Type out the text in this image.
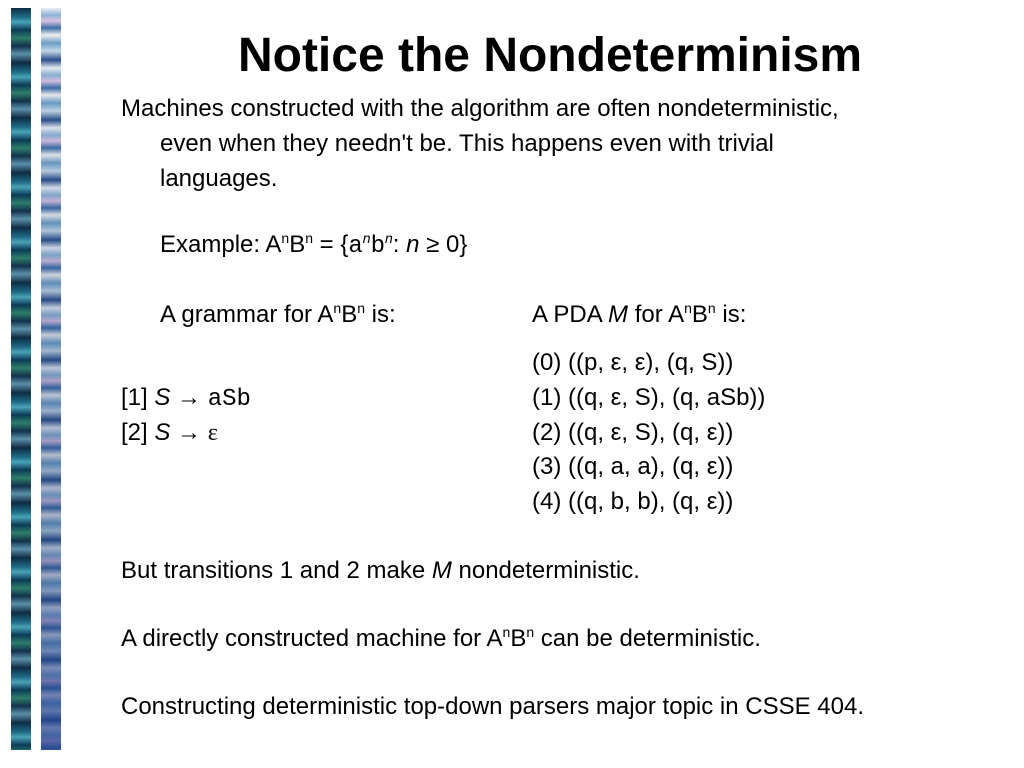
Notice the Nondeterminism
Machines constructed with the algorithm are often nondeterministic,
even when they needn't be. This happens even with trivial
languages.
Example: $A^nB^n = \{a^nb^n$: n ≥ 0}
A grammar for $A^nB^n$ is:	A PDA M for $A^nB^n$ is:
[1] S → aSb
[2] S → ε
(0) ((p, ε, ε), (q, S))
(1) ((q, ε, S), (q, aSb))
(2) ((q, ε, S), (q, ε))
(3) ((q, a, a), (q, ε))
(4) ((q, b, b), (q, ε))
But transitions 1 and 2 make M nondeterministic.
A directly constructed machine for $A^nB^n$ can be deterministic.
Constructing deterministic top-down parsers major topic in CSSE 404.
